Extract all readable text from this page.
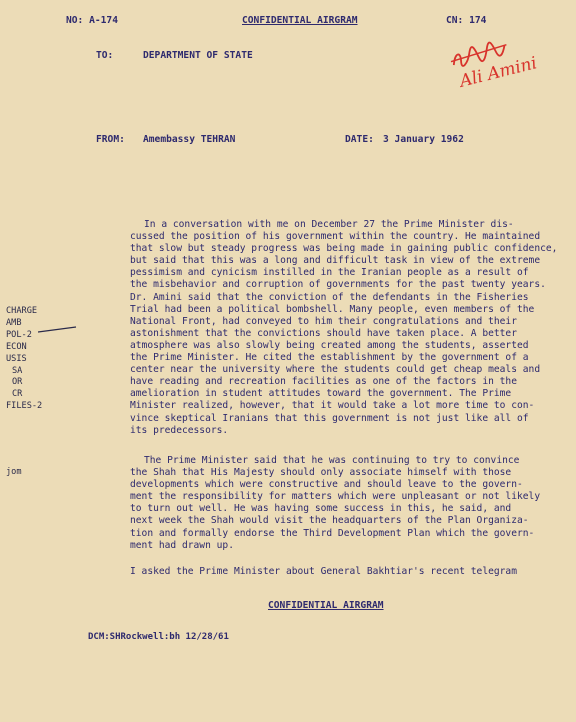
NO: A-174	CONFIDENTIAL AIRGRAM	CN: 174
TO:	DEPARTMENT OF STATE	Ali Amini
FROM: Amembassy TEHRAN	DATE: 3 January 1962
CHARGE
AMB
POL-2
ECON
USIS
SA
OR
CR
FILES-2
jom
In a conversation with me on December 27 the Prime Minister dis-
cussed the position of his government within the country. He maintained
that slow but steady progress was being made in gaining public confidence,
but said that this was a long and difficult task in view of the extreme
pessimism and cynicism instilled in the Iranian people as a result of
the misbehavior and corruption of governments for the past twenty years.
Dr. Amini said that the conviction of the defendants in the Fisheries
Trial had been a political bombshell. Many people, even members of the
National Front, had conveyed to him their congratulations and their
astonishment that the convictions should have taken place. A better
atmosphere was also slowly being created among the students, asserted
the Prime Minister. He cited the establishment by the government of a
center near the university where the students could get cheap meals and
have reading and recreation facilities as one of the factors in the
amelioration in student attitudes toward the government. The Prime
Minister realized, however, that it would take a lot more time to con-
vince skeptical Iranians that this government is not just like all of
its predecessors.
The Prime Minister said that he was continuing to try to convince
the Shah that His Majesty should only associate himself with those
developments which were constructive and should leave to the govern-
ment the responsibility for matters which were unpleasant or not likely
to turn out well. He was having some success in this, he said, and
next week the Shah would visit the headquarters of the Plan Organiza-
tion and formally endorse the Third Development Plan which the govern-
ment had drawn up.
I asked the Prime Minister about General Bakhtiar's recent telegram
CONFIDENTIAL AIRGRAM
DCM:SHRockwell:bh 12/28/61
